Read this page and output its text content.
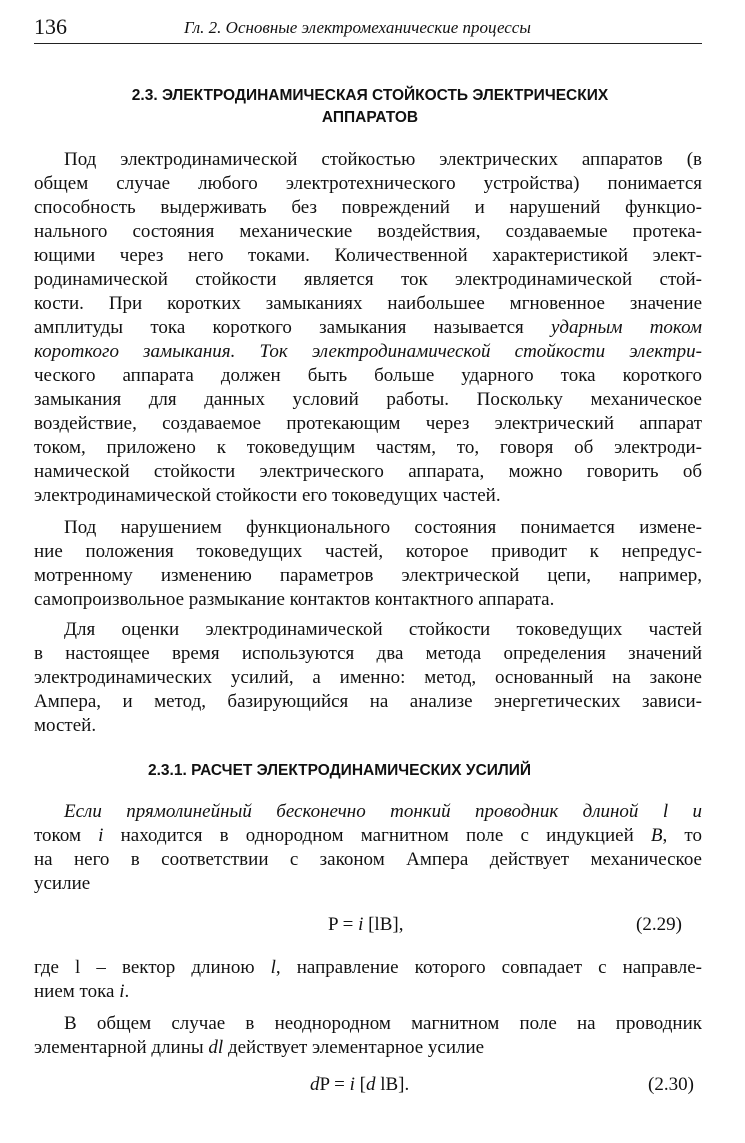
136	Гл. 2. Основные электромеханические процессы
2.3. ЭЛЕКТРОДИНАМИЧЕСКАЯ СТОЙКОСТЬ ЭЛЕКТРИЧЕСКИХ
АППАРАТОВ
Под электродинамической стойкостью электрических аппаратов (в
общем случае любого электротехнического устройства) понимается
способность выдерживать без повреждений и нарушений функцио-
нального состояния механические воздействия, создаваемые протека-
ющими через него токами. Количественной характеристикой элект-
родинамической стойкости является ток электродинамической стой-
кости. При коротких замыканиях наибольшее мгновенное значение
амплитуды тока короткого замыкания называется ударным током
короткого замыкания. Ток электродинамической стойкости электри-
ческого аппарата должен быть больше ударного тока короткого
замыкания для данных условий работы. Поскольку механическое
воздействие, создаваемое протекающим через электрический аппарат
током, приложено к токоведущим частям, то, говоря об электроди-
намической стойкости электрического аппарата, можно говорить об
электродинамической стойкости его токоведущих частей.
Под нарушением функционального состояния понимается измене-
ние положения токоведущих частей, которое приводит к непредус-
мотренному изменению параметров электрической цепи, например,
самопроизвольное размыкание контактов контактного аппарата.
Для оценки электродинамической стойкости токоведущих частей
в настоящее время используются два метода определения значений
электродинамических усилий, а именно: метод, основанный на законе
Ампера, и метод, базирующийся на анализе энергетических зависи-
мостей.
2.3.1. РАСЧЕТ ЭЛЕКТРОДИНАМИЧЕСКИХ УСИЛИЙ
Если прямолинейный бесконечно тонкий проводник длиной l и
током i находится в однородном магнитном поле с индукцией B, то
на него в соответствии с законом Ампера действует механическое
усилие
P = i [lB],	(2.29)
где l – вектор длиною l, направление которого совпадает с направле-
нием тока i.
В общем случае в неоднородном магнитном поле на проводник
элементарной длины dl действует элементарное усилие
dP = i [d lB].	(2.30)
